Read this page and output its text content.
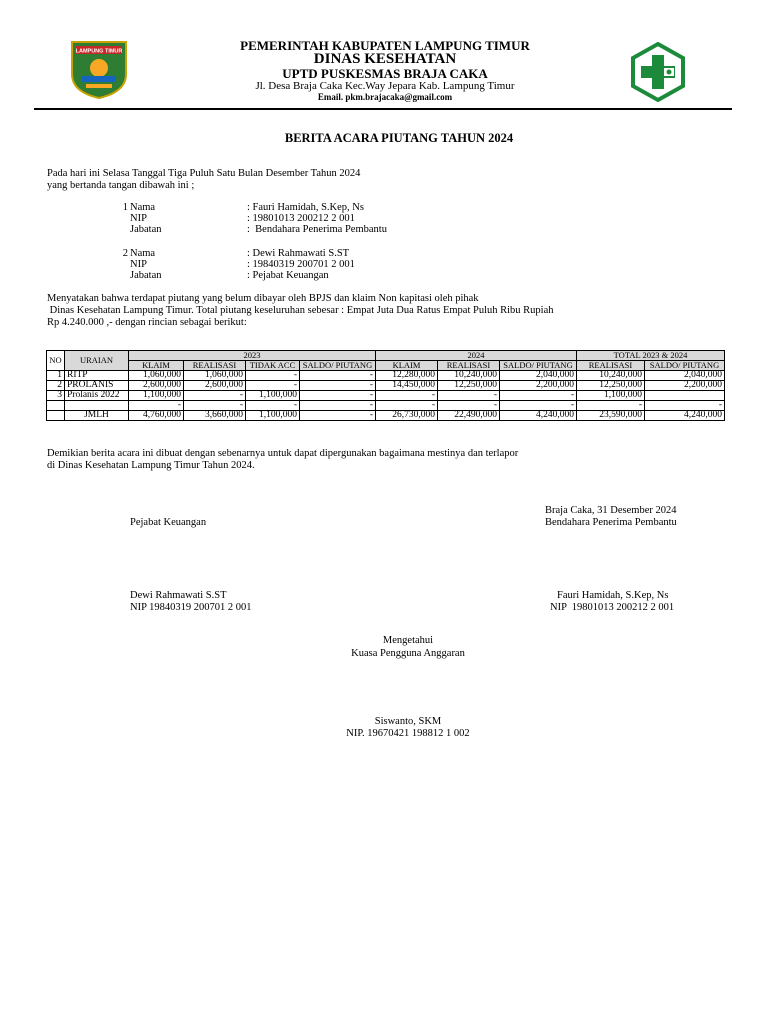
LAMPUNG TIMUR	PEMERINTAH KABUPATEN LAMPUNG TIMUR
DINAS KESEHATAN
UPTD PUSKESMAS BRAJA CAKA
Jl. Desa Braja Caka Kec.Way Jepara Kab. Lampung Timur
Email. pkm.brajacaka@gmail.com
BERITA ACARA PIUTANG TAHUN 2024
Pada hari ini Selasa Tanggal Tiga Puluh Satu Bulan Desember Tahun 2024
yang bertanda tangan dibawah ini ;
1 Nama	: Fauri Hamidah, S.Kep, Ns
NIP	: 19801013 200212 2 001
Jabatan	:  Bendahara Penerima Pembantu
2 Nama	: Dewi Rahmawati S.ST
NIP	: 19840319 200701 2 001
Jabatan	: Pejabat Keuangan
Menyatakan bahwa terdapat piutang yang belum dibayar oleh BPJS dan klaim Non kapitasi oleh pihak
Dinas Kesehatan Lampung Timur. Total piutang keseluruhan sebesar : Empat Juta Dua Ratus Empat Puluh Ribu Rupiah
Rp 4.240.000 ,- dengan rincian sebagai berikut:
NO	URAIAN	2023				2024			TOTAL 2023 & 2024	
		KLAIM	REALISASI	TIDAK ACC	SALDO/ PIUTANG	KLAIM	REALISASI	SALDO/ PIUTANG	REALISASI	SALDO/ PIUTANG
1	RITP	1,060,000	1,060,000	-	-	12,280,000	10,240,000	2,040,000	10,240,000	2,040,000
2	PROLANIS	2,600,000	2,600,000	-	-	14,450,000	12,250,000	2,200,000	12,250,000	2,200,000
3	Prolanis 2022	1,100,000	-	1,100,000	-	-	-	-	1,100,000	
		-	-	-	-	-	-	-	-	-
	JMLH	4,760,000	3,660,000	1,100,000	-	26,730,000	22,490,000	4,240,000	23,590,000	4,240,000
Demikian berita acara ini dibuat dengan sebenarnya untuk dapat dipergunakan bagaimana mestinya dan terlapor
di Dinas Kesehatan Lampung Timur Tahun 2024.
Braja Caka, 31 Desember 2024
Pejabat Keuangan	Bendahara Penerima Pembantu
Dewi Rahmawati S.ST
NIP 19840319 200701 2 001
Fauri Hamidah, S.Kep, Ns
NIP  19801013 200212 2 001
Mengetahui
Kuasa Pengguna Anggaran
Siswanto, SKM
NIP. 19670421 198812 1 002
